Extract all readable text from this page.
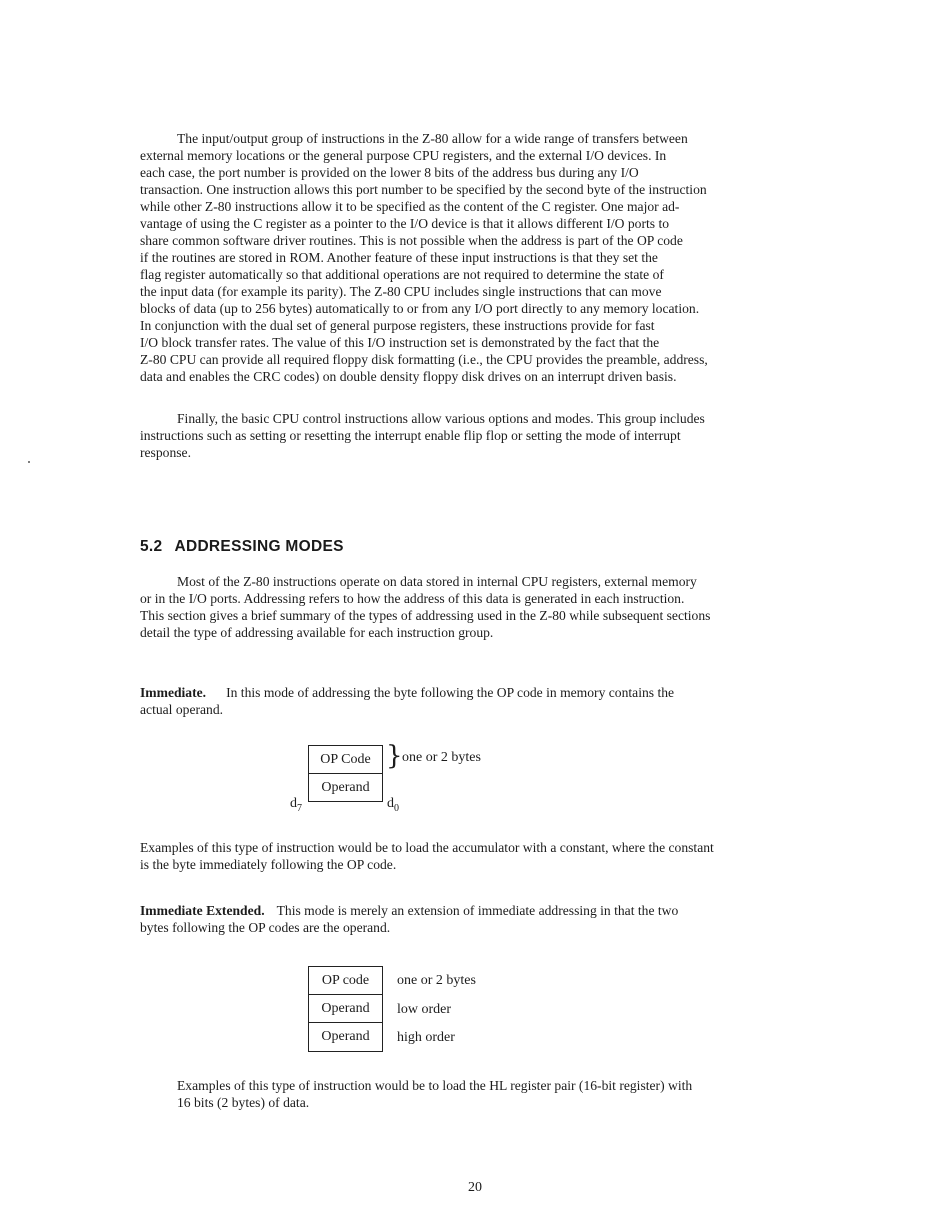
The input/output group of instructions in the Z-80 allow for a wide range of transfers between
external memory locations or the general purpose CPU registers, and the external I/O devices. In
each case, the port number is provided on the lower 8 bits of the address bus during any I/O
transaction. One instruction allows this port number to be specified by the second byte of the instruction
while other Z-80 instructions allow it to be specified as the content of the C register. One major ad-
vantage of using the C register as a pointer to the I/O device is that it allows different I/O ports to
share common software driver routines. This is not possible when the address is part of the OP code
if the routines are stored in ROM. Another feature of these input instructions is that they set the
flag register automatically so that additional operations are not required to determine the state of
the input data (for example its parity). The Z-80 CPU includes single instructions that can move
blocks of data (up to 256 bytes) automatically to or from any I/O port directly to any memory location.
In conjunction with the dual set of general purpose registers, these instructions provide for fast
I/O block transfer rates. The value of this I/O instruction set is demonstrated by the fact that the
Z-80 CPU can provide all required floppy disk formatting (i.e., the CPU provides the preamble, address,
data and enables the CRC codes) on double density floppy disk drives on an interrupt driven basis.

Finally, the basic CPU control instructions allow various options and modes. This group includes
instructions such as setting or resetting the interrupt enable flip flop or setting the mode of interrupt
response.

5.2 ADDRESSING MODES

Most of the Z-80 instructions operate on data stored in internal CPU registers, external memory
or in the I/O ports. Addressing refers to how the address of this data is generated in each instruction.
This section gives a brief summary of the types of addressing used in the Z-80 while subsequent sections
detail the type of addressing available for each instruction group.

Immediate. In this mode of addressing the byte following the OP code in memory contains the
actual operand.

OP Code
Operand
} one or 2 bytes
$d_7$	$d_0$

Examples of this type of instruction would be to load the accumulator with a constant, where the constant
is the byte immediately following the OP code.

Immediate Extended. This mode is merely an extension of immediate addressing in that the two
bytes following the OP codes are the operand.

OP code
Operand
Operand
one or 2 bytes
low order
high order

Examples of this type of instruction would be to load the HL register pair (16-bit register) with
16 bits (2 bytes) of data.

20
